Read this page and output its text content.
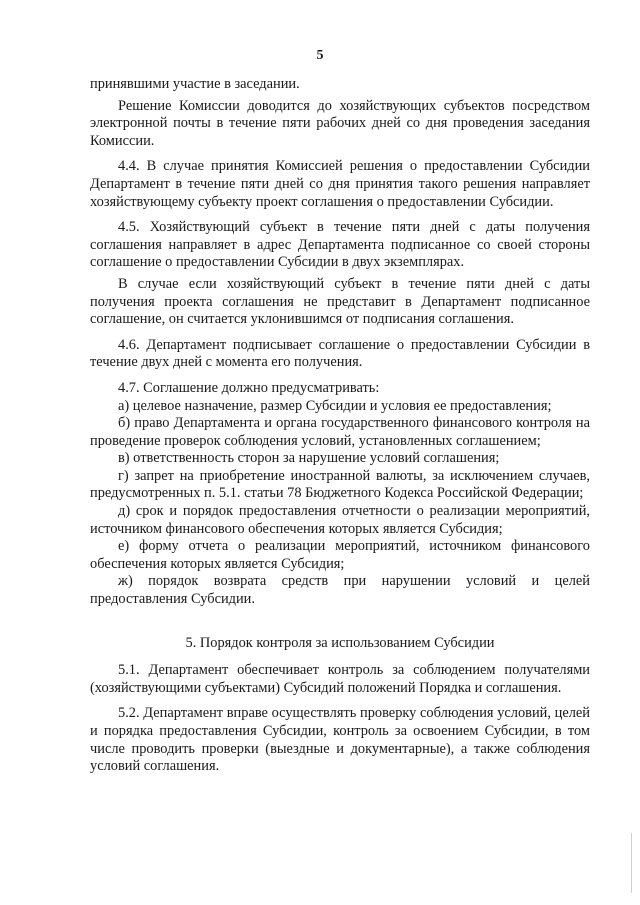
5

принявшими участие в заседании.

Решение Комиссии доводится до хозяйствующих субъектов посредством электронной почты в течение пяти рабочих дней со дня проведения заседания Комиссии.

4.4. В случае принятия Комиссией решения о предоставлении Субсидии Департамент в течение пяти дней со дня принятия такого решения направляет хозяйствующему субъекту проект соглашения о предоставлении Субсидии.

4.5. Хозяйствующий субъект в течение пяти дней с даты получения соглашения направляет в адрес Департамента подписанное со своей стороны соглашение о предоставлении Субсидии в двух экземплярах.

В случае если хозяйствующий субъект в течение пяти дней с даты получения проекта соглашения не представит в Департамент подписанное соглашение, он считается уклонившимся от подписания соглашения.

4.6. Департамент подписывает соглашение о предоставлении Субсидии в течение двух дней с момента его получения.

4.7. Соглашение должно предусматривать:

а) целевое назначение, размер Субсидии и условия ее предоставления;

б) право Департамента и органа государственного финансового контроля на проведение проверок соблюдения условий, установленных соглашением;

в) ответственность сторон за нарушение условий соглашения;

г) запрет на приобретение иностранной валюты, за исключением случаев, предусмотренных п. 5.1. статьи 78 Бюджетного Кодекса Российской Федерации;

д) срок и порядок предоставления отчетности о реализации мероприятий, источником финансового обеспечения которых является Субсидия;

е) форму отчета о реализации мероприятий, источником финансового обеспечения которых является Субсидия;

ж) порядок возврата средств при нарушении условий и целей предоставления Субсидии.

5. Порядок контроля за использованием Субсидии

5.1. Департамент обеспечивает контроль за соблюдением получателями (хозяйствующими субъектами) Субсидий положений Порядка и соглашения.

5.2. Департамент вправе осуществлять проверку соблюдения условий, целей и порядка предоставления Субсидии, контроль за освоением Субсидии, в том числе проводить проверки (выездные и документарные), а также соблюдения условий соглашения.
